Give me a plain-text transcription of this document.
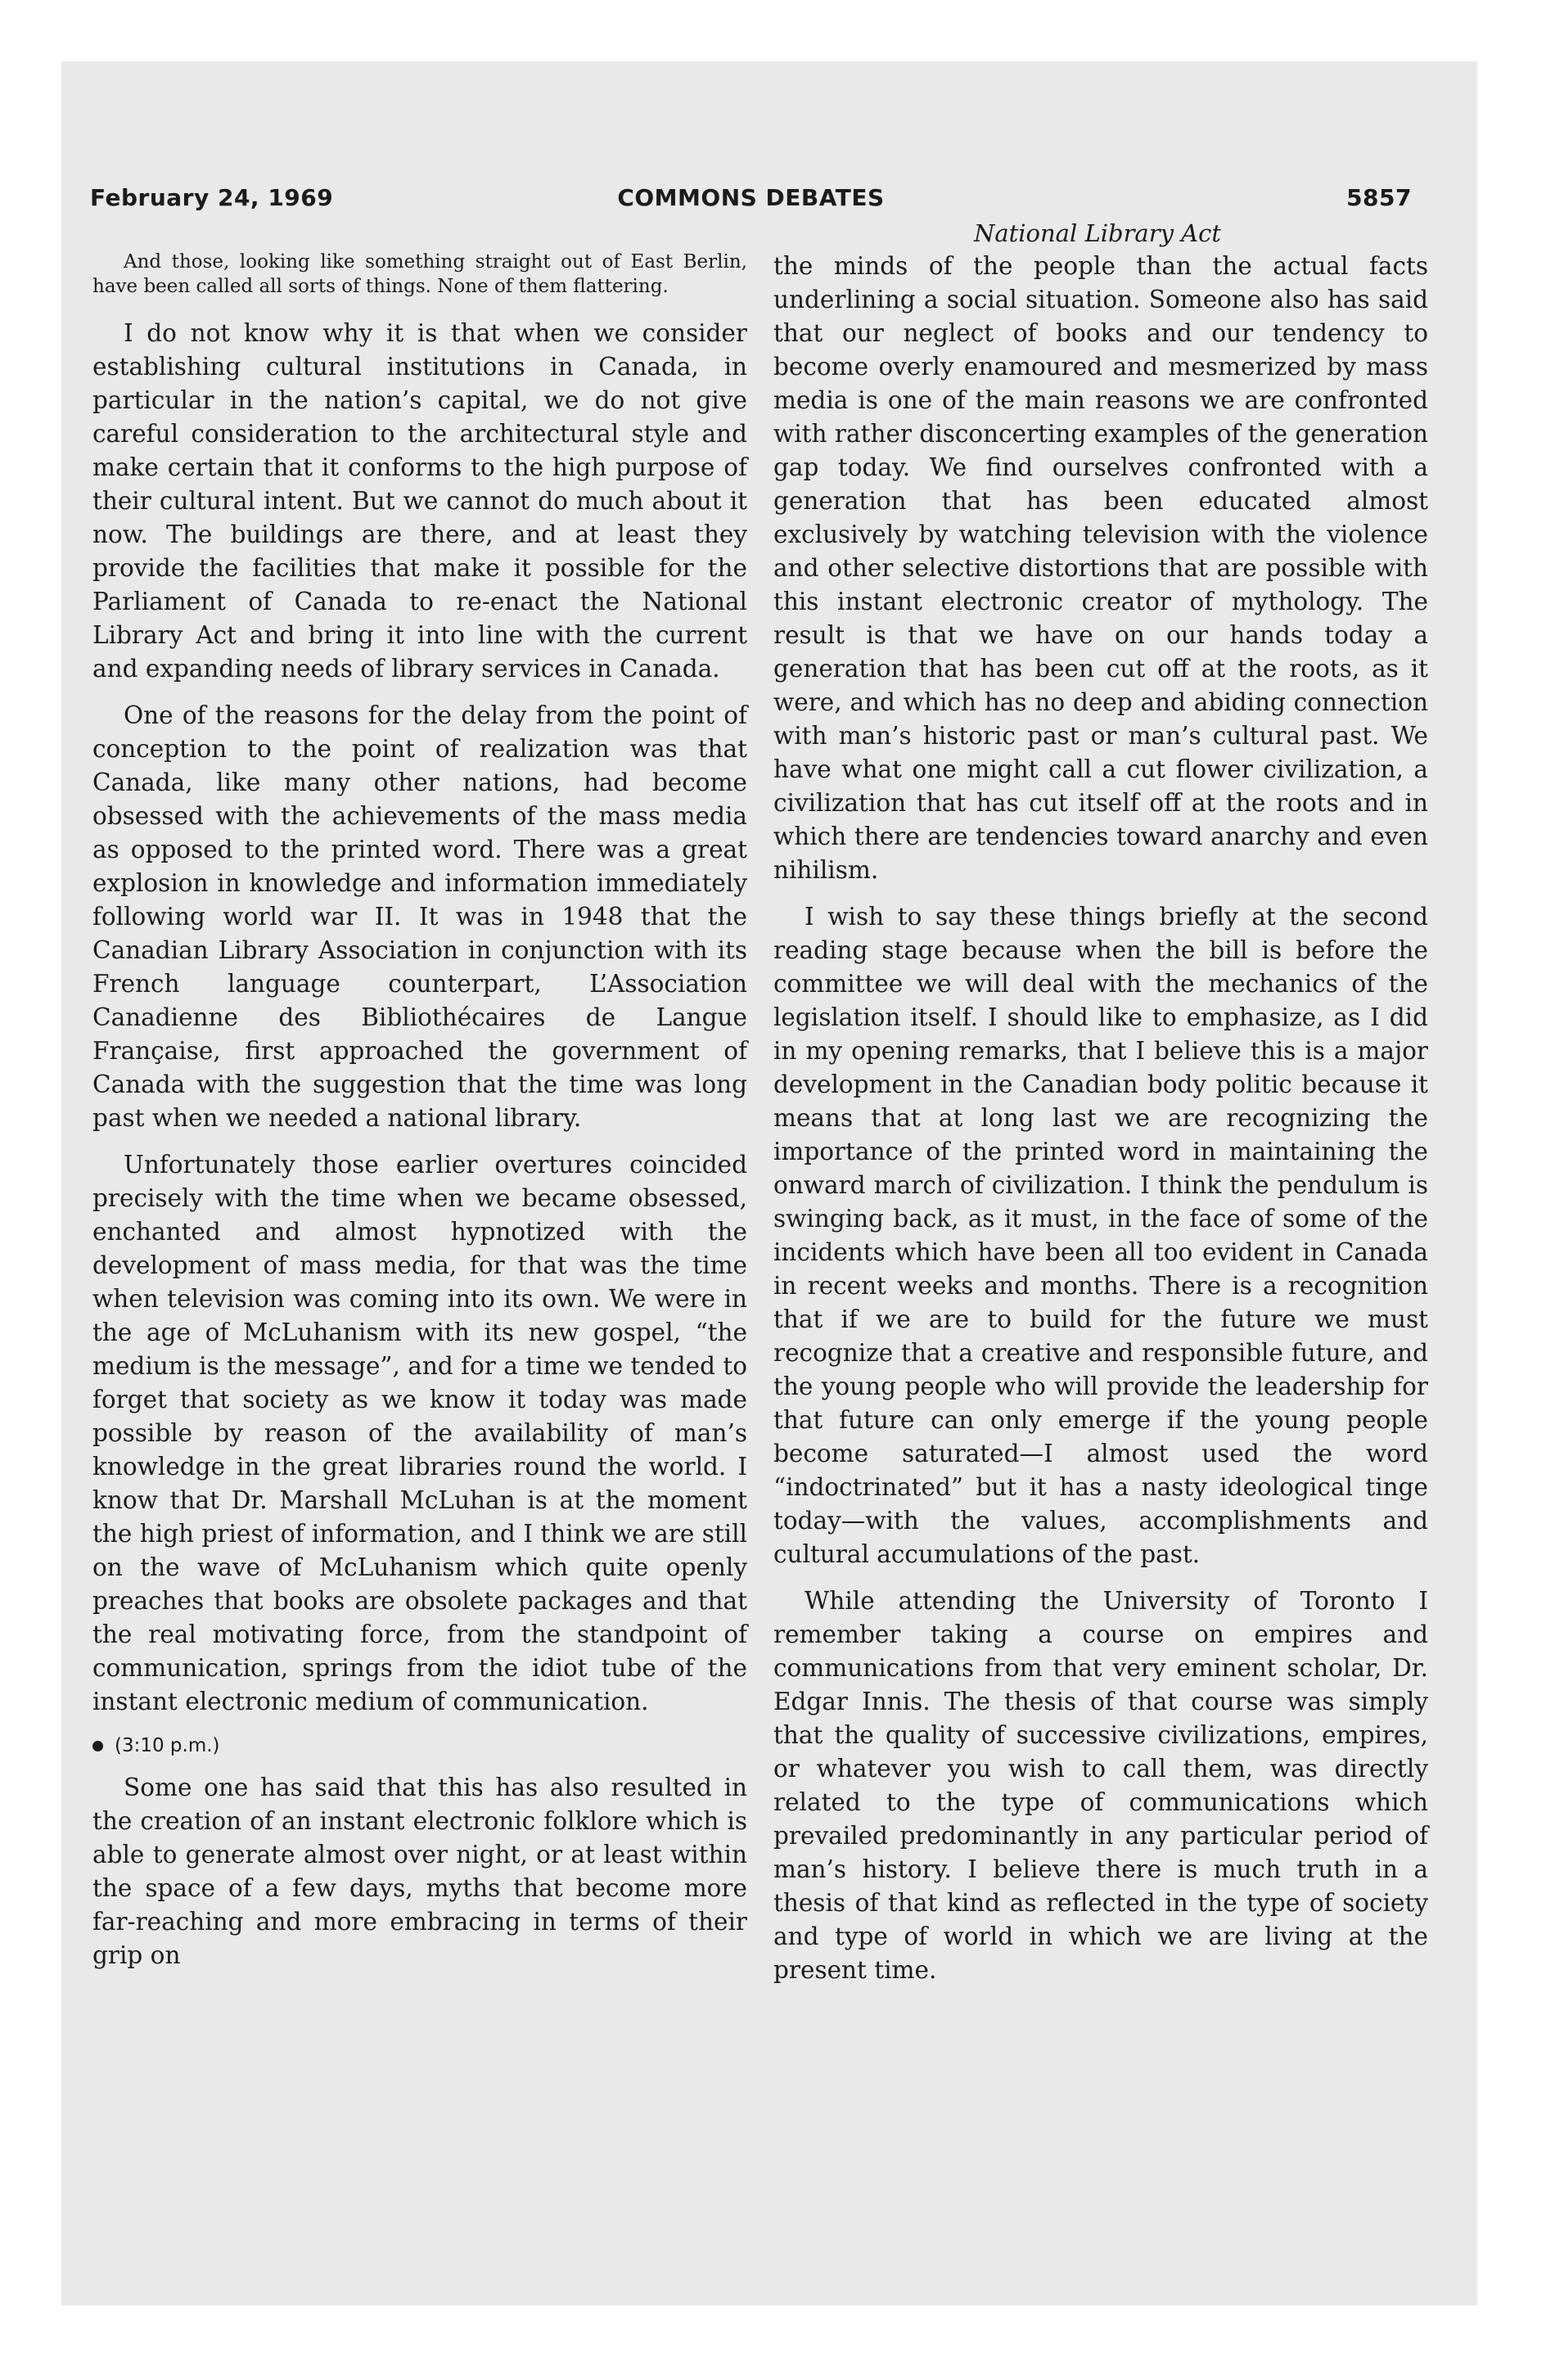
February 24, 1969	COMMONS DEBATES	5857
National Library Act

And those, looking like something straight out of East Berlin, have been called all sorts of things. None of them flattering.

I do not know why it is that when we consider establishing cultural institutions in Canada, in particular in the nation’s capital, we do not give careful consideration to the architectural style and make certain that it conforms to the high purpose of their cultural intent. But we cannot do much about it now. The buildings are there, and at least they provide the facilities that make it possible for the Parliament of Canada to re-enact the National Library Act and bring it into line with the current and expanding needs of library services in Canada.

One of the reasons for the delay from the point of conception to the point of realization was that Canada, like many other nations, had become obsessed with the achievements of the mass media as opposed to the printed word. There was a great explosion in knowledge and information immediately following world war II. It was in 1948 that the Canadian Library Association in conjunction with its French language counterpart, L’Association Canadienne des Bibliothécaires de Langue Française, first approached the government of Canada with the suggestion that the time was long past when we needed a national library.

Unfortunately those earlier overtures coincided precisely with the time when we became obsessed, enchanted and almost hypnotized with the development of mass media, for that was the time when television was coming into its own. We were in the age of McLuhanism with its new gospel, “the medium is the message”, and for a time we tended to forget that society as we know it today was made possible by reason of the availability of man’s knowledge in the great libraries round the world. I know that Dr. Marshall McLuhan is at the moment the high priest of information, and I think we are still on the wave of McLuhanism which quite openly preaches that books are obsolete packages and that the real motivating force, from the standpoint of communication, springs from the idiot tube of the instant electronic medium of communication.

(3:10 p.m.)

Some one has said that this has also resulted in the creation of an instant electronic folklore which is able to generate almost over night, or at least within the space of a few days, myths that become more far-reaching and more embracing in terms of their grip on

the minds of the people than the actual facts underlining a social situation. Someone also has said that our neglect of books and our tendency to become overly enamoured and mesmerized by mass media is one of the main reasons we are confronted with rather disconcerting examples of the generation gap today. We find ourselves confronted with a generation that has been educated almost exclusively by watching television with the violence and other selective distortions that are possible with this instant electronic creator of mythology. The result is that we have on our hands today a generation that has been cut off at the roots, as it were, and which has no deep and abiding connection with man’s historic past or man’s cultural past. We have what one might call a cut flower civilization, a civilization that has cut itself off at the roots and in which there are tendencies toward anarchy and even nihilism.

I wish to say these things briefly at the second reading stage because when the bill is before the committee we will deal with the mechanics of the legislation itself. I should like to emphasize, as I did in my opening remarks, that I believe this is a major development in the Canadian body politic because it means that at long last we are recognizing the importance of the printed word in maintaining the onward march of civilization. I think the pendulum is swinging back, as it must, in the face of some of the incidents which have been all too evident in Canada in recent weeks and months. There is a recognition that if we are to build for the future we must recognize that a creative and responsible future, and the young people who will provide the leadership for that future can only emerge if the young people become saturated—I almost used the word “indoctrinated” but it has a nasty ideological tinge today—with the values, accomplishments and cultural accumulations of the past.

While attending the University of Toronto I remember taking a course on empires and communications from that very eminent scholar, Dr. Edgar Innis. The thesis of that course was simply that the quality of successive civilizations, empires, or whatever you wish to call them, was directly related to the type of communications which prevailed predominantly in any particular period of man’s history. I believe there is much truth in a thesis of that kind as reflected in the type of society and type of world in which we are living at the present time.
